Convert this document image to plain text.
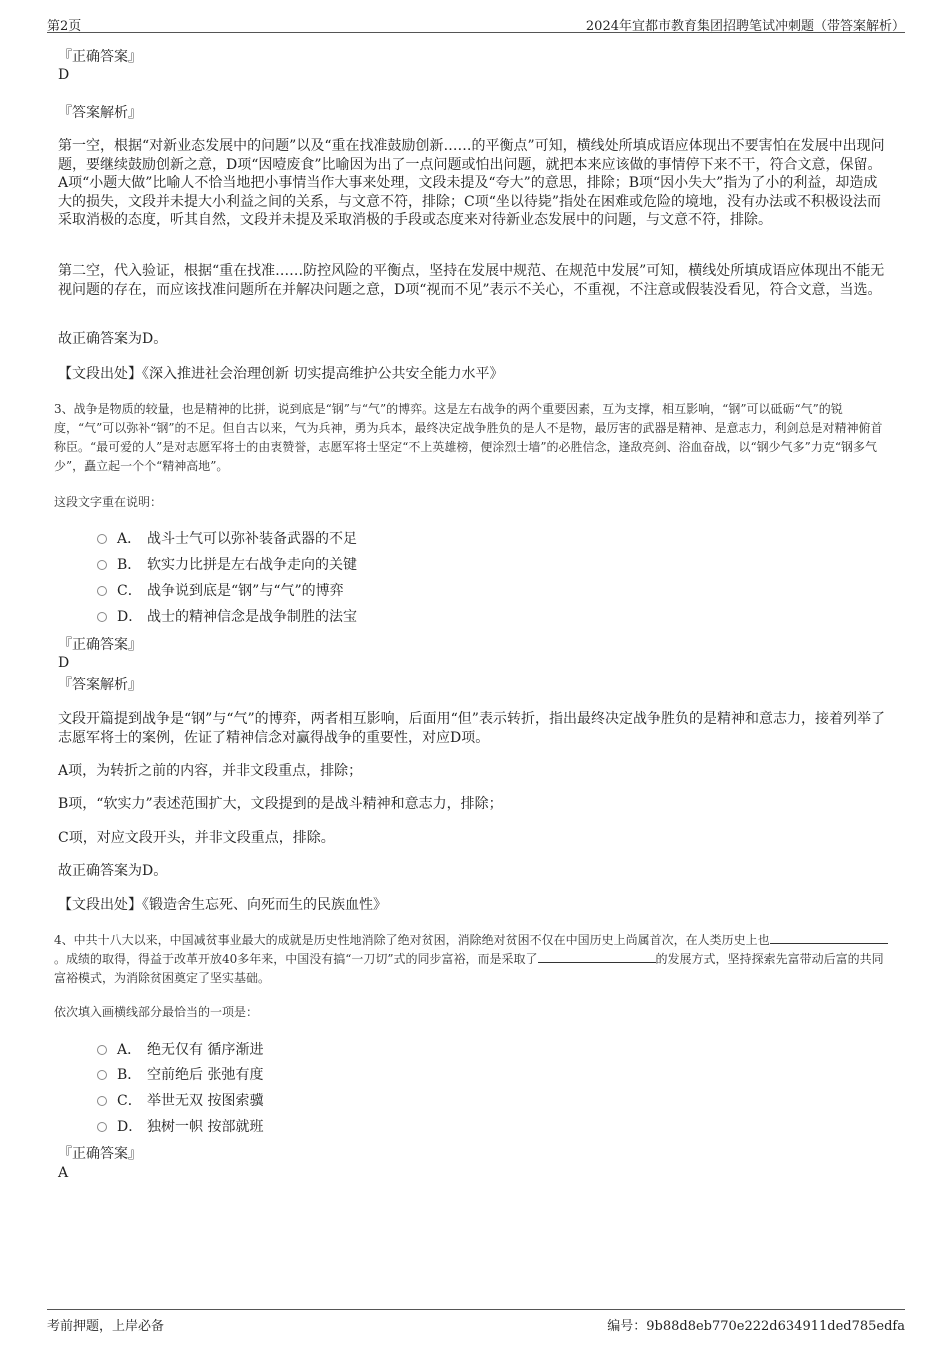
第2页	2024年宜都市教育集团招聘笔试冲刺题（带答案解析）
『正确答案』
D
『答案解析』
第一空，根据“对新业态发展中的问题”以及“重在找准鼓励创新……的平衡点”可知，横线处所填成语应体现出不要害怕在发展中出现问题，要继续鼓励创新之意，D项“因噎废食”比喻因为出了一点问题或怕出问题，就把本来应该做的事情停下来不干，符合文意，保留。A项“小题大做”比喻人不恰当地把小事情当作大事来处理，文段未提及“夸大”的意思，排除；B项“因小失大”指为了小的利益，却造成大的损失，文段并未提大小利益之间的关系，与文意不符，排除；C项“坐以待毙”指处在困难或危险的境地，没有办法或不积极设法而采取消极的态度，听其自然，文段并未提及采取消极的手段或态度来对待新业态发展中的问题，与文意不符，排除。
第二空，代入验证，根据“重在找准……防控风险的平衡点，坚持在发展中规范、在规范中发展”可知，横线处所填成语应体现出不能无视问题的存在，而应该找准问题所在并解决问题之意，D项“视而不见”表示不关心，不重视，不注意或假装没看见，符合文意，当选。
故正确答案为D。
【文段出处】《深入推进社会治理创新 切实提高维护公共安全能力水平》
3、战争是物质的较量，也是精神的比拼，说到底是“钢”与“气”的博弈。这是左右战争的两个重要因素，互为支撑，相互影响，“钢”可以砥砺“气”的锐度，“气”可以弥补“钢”的不足。但自古以来，气为兵神，勇为兵本，最终决定战争胜负的是人不是物，最厉害的武器是精神、是意志力，利剑总是对精神俯首称臣。“最可爱的人”是对志愿军将士的由衷赞誉，志愿军将士坚定“不上英雄榜，便涂烈士墙”的必胜信念，逢敌亮剑、浴血奋战，以“钢少气多”力克“钢多气少”，矗立起一个个“精神高地”。
这段文字重在说明：
A． 战斗士气可以弥补装备武器的不足
B． 软实力比拼是左右战争走向的关键
C． 战争说到底是“钢”与“气”的博弈
D． 战士的精神信念是战争制胜的法宝
『正确答案』
D
『答案解析』
文段开篇提到战争是“钢”与“气”的博弈，两者相互影响，后面用“但”表示转折，指出最终决定战争胜负的是精神和意志力，接着列举了志愿军将士的案例，佐证了精神信念对赢得战争的重要性，对应D项。
A项，为转折之前的内容，并非文段重点，排除；
B项，“软实力”表述范围扩大，文段提到的是战斗精神和意志力，排除；
C项，对应文段开头，并非文段重点，排除。
故正确答案为D。
【文段出处】《锻造舍生忘死、向死而生的民族血性》
4、中共十八大以来，中国减贫事业最大的成就是历史性地消除了绝对贫困，消除绝对贫困不仅在中国历史上尚属首次，在人类历史上也。成绩的取得，得益于改革开放40多年来，中国没有搞“一刀切”式的同步富裕，而是采取了	的发展方式，坚持探索先富带动后富的共同富裕模式，为消除贫困奠定了坚实基础。
依次填入画横线部分最恰当的一项是：
A． 绝无仅有 循序渐进
B． 空前绝后 张弛有度
C． 举世无双 按图索骥
D． 独树一帜 按部就班
『正确答案』
A
考前押题，上岸必备	编号：9b88d8eb770e222d634911ded785edfa
